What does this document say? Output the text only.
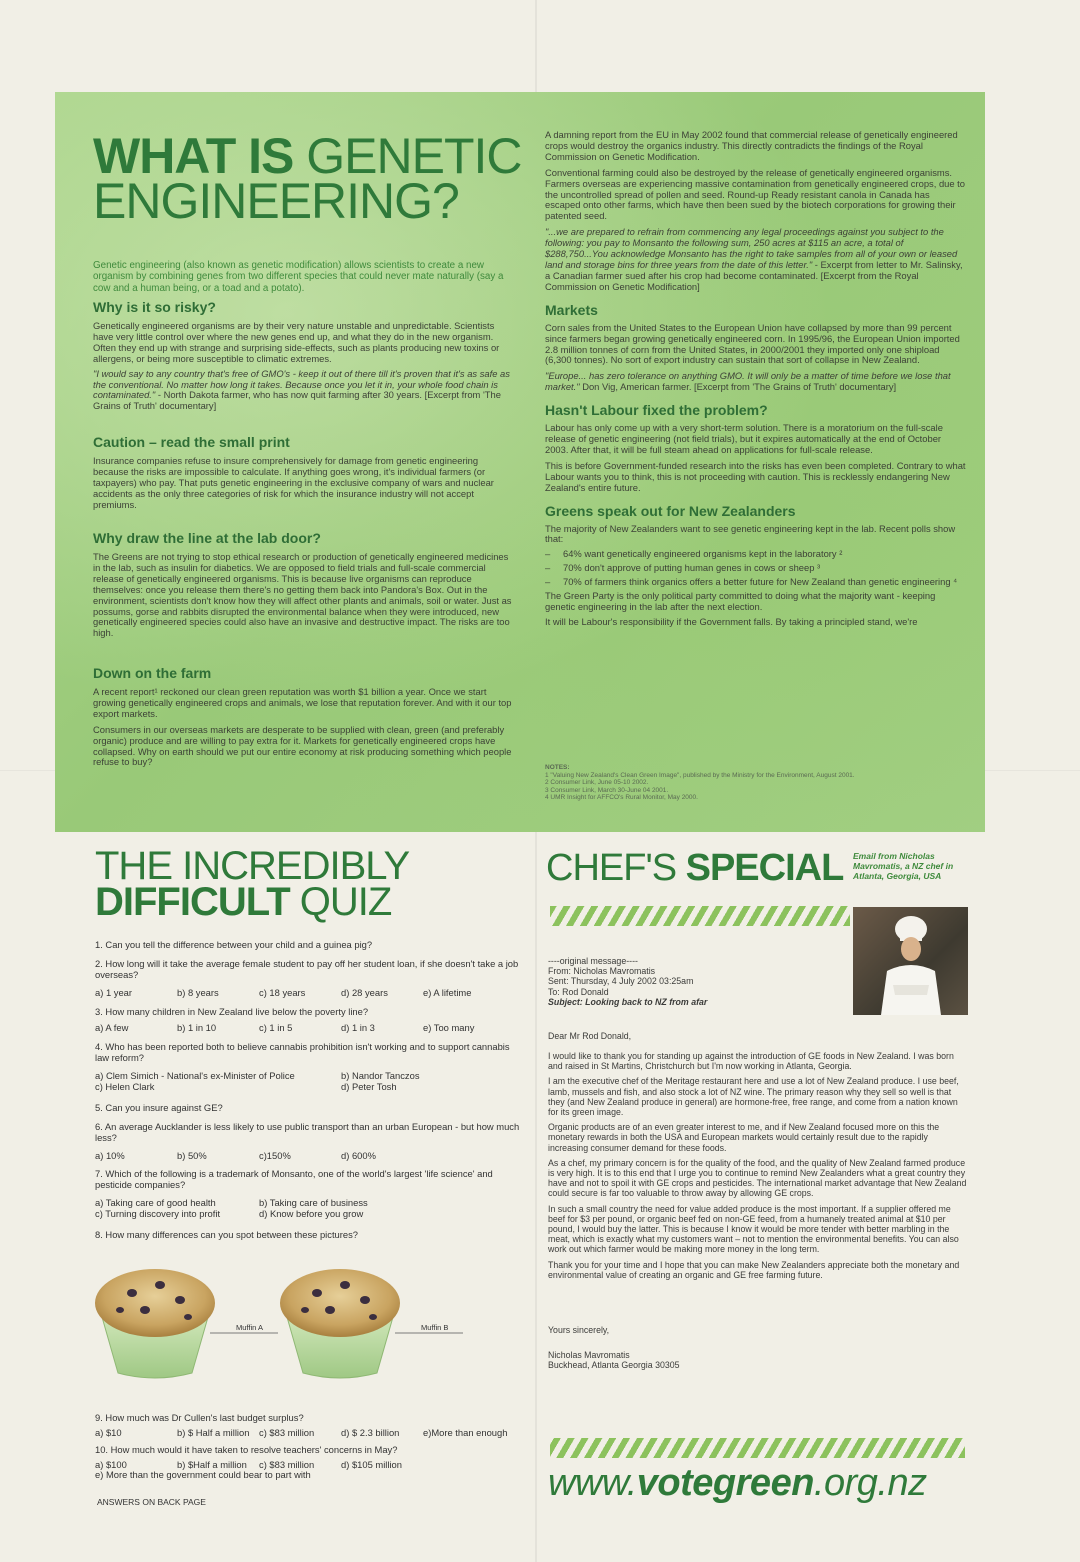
WHAT IS GENETIC
ENGINEERING?

Genetic engineering (also known as genetic modification) allows scientists to create a new organism by combining genes from two different species that could never mate naturally (say a cow and a human being, or a toad and a potato).

Why is it so risky?

Genetically engineered organisms are by their very nature unstable and unpredictable. Scientists have very little control over where the new genes end up, and what they do in the new organism. Often they end up with strange and surprising side-effects, such as plants producing new toxins or allergens, or being more susceptible to climatic extremes.

"I would say to any country that's free of GMO's - keep it out of there till it's proven that it's as safe as the conventional. No matter how long it takes. Because once you let it in, your whole food chain is contaminated." - North Dakota farmer, who has now quit farming after 30 years. [Excerpt from 'The Grains of Truth' documentary]

Caution – read the small print

Insurance companies refuse to insure comprehensively for damage from genetic engineering because the risks are impossible to calculate. If anything goes wrong, it's individual farmers (or taxpayers) who pay. That puts genetic engineering in the exclusive company of wars and nuclear accidents as the only three categories of risk for which the insurance industry will not accept premiums.

Why draw the line at the lab door?

The Greens are not trying to stop ethical research or production of genetically engineered medicines in the lab, such as insulin for diabetics. We are opposed to field trials and full-scale commercial release of genetically engineered organisms. This is because live organisms can reproduce themselves: once you release them there's no getting them back into Pandora's Box. Out in the environment, scientists don't know how they will affect other plants and animals, soil or water. Just as possums, gorse and rabbits disrupted the environmental balance when they were introduced, new genetically engineered species could also have an invasive and destructive impact. The risks are too high.

Down on the farm

A recent report¹ reckoned our clean green reputation was worth $1 billion a year. Once we start growing genetically engineered crops and animals, we lose that reputation forever. And with it our top export markets.

Consumers in our overseas markets are desperate to be supplied with clean, green (and preferably organic) produce and are willing to pay extra for it. Markets for genetically engineered crops have collapsed. Why on earth should we put our entire economy at risk producing something which people refuse to buy?

A damning report from the EU in May 2002 found that commercial release of genetically engineered crops would destroy the organics industry. This directly contradicts the findings of the Royal Commission on Genetic Modification.

Conventional farming could also be destroyed by the release of genetically engineered organisms. Farmers overseas are experiencing massive contamination from genetically engineered crops, due to the uncontrolled spread of pollen and seed. Round-up Ready resistant canola in Canada has escaped onto other farms, which have then been sued by the biotech corporations for growing their patented seed.

"...we are prepared to refrain from commencing any legal proceedings against you subject to the following: you pay to Monsanto the following sum, 250 acres at $115 an acre, a total of $288,750...You acknowledge Monsanto has the right to take samples from all of your own or leased land and storage bins for three years from the date of this letter." - Excerpt from letter to Mr. Salinsky, a Canadian farmer sued after his crop had become contaminated. [Excerpt from the Royal Commission on Genetic Modification]

Markets

Corn sales from the United States to the European Union have collapsed by more than 99 percent since farmers began growing genetically engineered corn. In 1995/96, the European Union imported 2.8 million tonnes of corn from the United States, in 2000/2001 they imported only one shipload (6,300 tonnes). No sort of export industry can sustain that sort of collapse in New Zealand.

"Europe... has zero tolerance on anything GMO. It will only be a matter of time before we lose that market." Don Vig, American farmer. [Excerpt from 'The Grains of Truth' documentary]

Hasn't Labour fixed the problem?

Labour has only come up with a very short-term solution. There is a moratorium on the full-scale release of genetic engineering (not field trials), but it expires automatically at the end of October 2003. After that, it will be full steam ahead on applications for full-scale release.

This is before Government-funded research into the risks has even been completed. Contrary to what Labour wants you to think, this is not proceeding with caution. This is recklessly endangering New Zealand's entire future.

Greens speak out for New Zealanders

The majority of New Zealanders want to see genetic engineering kept in the lab. Recent polls show that:

– 64% want genetically engineered organisms kept in the laboratory ²
– 70% don't approve of putting human genes in cows or sheep ³
– 70% of farmers think organics offers a better future for New Zealand than genetic engineering ⁴

The Green Party is the only political party committed to doing what the majority want - keeping genetic engineering in the lab after the next election.

It will be Labour's responsibility if the Government falls. By taking a principled stand, we're

NOTES:
1 "Valuing New Zealand's Clean Green Image", published by the Ministry for the Environment, August 2001.
2 Consumer Link, June 05-10 2002.
3 Consumer Link, March 30-June 04 2001.
4 UMR Insight for AFFCO's Rural Monitor, May 2000.
THE INCREDIBLY
DIFFICULT QUIZ
1. Can you tell the difference between your child and a guinea pig?
2. How long will it take the average female student to pay off her student loan, if she doesn't take a job overseas?
a) 1 year	b) 8 years	c) 18 years	d) 28 years	e) A lifetime
3. How many children in New Zealand live below the poverty line?
a) A few	b) 1 in 10	c) 1 in 5	d) 1 in 3	e) Too many
4. Who has been reported both to believe cannabis prohibition isn't working and to support cannabis law reform?
a) Clem Simich - National's ex-Minister of Police	b) Nandor Tanczos
c) Helen Clark	d) Peter Tosh
5. Can you insure against GE?
6. An average Aucklander is less likely to use public transport than an urban European - but how much less?
a) 10%	b) 50%	c)150%	d) 600%
7. Which of the following is a trademark of Monsanto, one of the world's largest 'life science' and pesticide companies?
a) Taking care of good health	b) Taking care of business
c) Turning discovery into profit	d) Know before you grow
8. How many differences can you spot between these pictures?
Muffin A	Muffin B
9. How much was Dr Cullen's last budget surplus?
a) $10	b) $ Half a million c) $83 million	d) $ 2.3 billion	e)More than enough
10. How much would it have taken to resolve teachers' concerns in May?
a) $100	b) $Half a million c) $83 million	d) $105 million
e) More than the government could bear to part with
ANSWERS ON BACK PAGE
CHEF'S SPECIAL Email from Nicholas Mavromatis, a NZ chef in Atlanta, Georgia, USA
----original message----
From: Nicholas Mavromatis
Sent: Thursday, 4 July 2002 03:25am
To: Rod Donald
Subject: Looking back to NZ from afar
Dear Mr Rod Donald,

I would like to thank you for standing up against the introduction of GE foods in New Zealand. I was born and raised in St Martins, Christchurch but I'm now working in Atlanta, Georgia.

I am the executive chef of the Meritage restaurant here and use a lot of New Zealand produce. I use beef, lamb, mussels and fish, and also stock a lot of NZ wine. The primary reason why they sell so well is that they (and New Zealand produce in general) are hormone-free, free range, and come from a nation known for its green image.

Organic products are of an even greater interest to me, and if New Zealand focused more on this the monetary rewards in both the USA and European markets would certainly result due to the rapidly increasing consumer demand for these foods.

As a chef, my primary concern is for the quality of the food, and the quality of New Zealand farmed produce is very high. It is to this end that I urge you to continue to remind New Zealanders what a great country they have and not to spoil it with GE crops and pesticides. The international market advantage that New Zealand could secure is far too valuable to throw away by allowing GE crops.

In such a small country the need for value added produce is the most important. If a supplier offered me beef for $3 per pound, or organic beef fed on non-GE feed, from a humanely treated animal at $10 per pound, I would buy the latter. This is because I know it would be more tender with better marbling in the meat, which is exactly what my customers want – not to mention the environmental benefits. You can also work out which farmer would be making more money in the long term.

Thank you for your time and I hope that you can make New Zealanders appreciate both the monetary and environmental value of creating an organic and GE free farming future.

Yours sincerely,
Nicholas Mavromatis
Buckhead, Atlanta Georgia 30305
www.votegreen.org.nz
